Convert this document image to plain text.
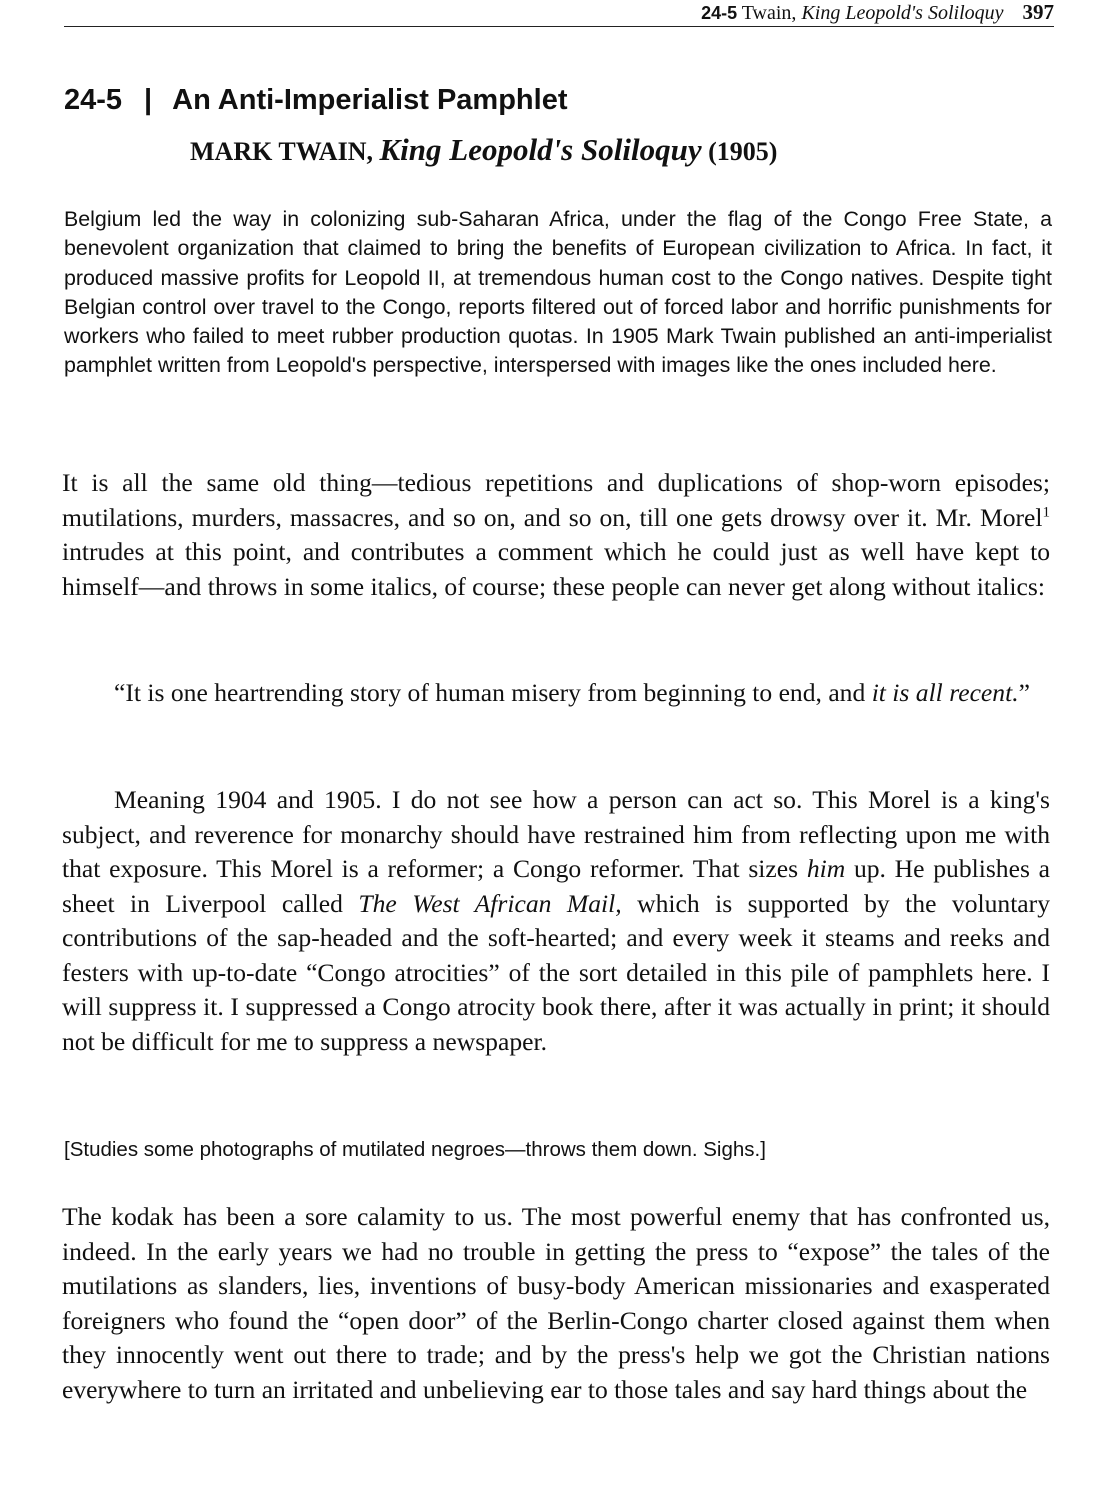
24-5 Twain, King Leopold's Soliloquy 397
24-5 | An Anti-Imperialist Pamphlet
MARK TWAIN, King Leopold's Soliloquy (1905)

Belgium led the way in colonizing sub-Saharan Africa, under the flag of the Congo Free State, a benevolent organization that claimed to bring the benefits of European civilization to Africa. In fact, it produced massive profits for Leopold II, at tremendous human cost to the Congo natives. Despite tight Belgian control over travel to the Congo, reports filtered out of forced labor and horrific punishments for workers who failed to meet rubber production quotas. In 1905 Mark Twain published an anti-imperialist pamphlet written from Leopold's perspective, interspersed with images like the ones included here.

It is all the same old thing—tedious repetitions and duplications of shop-worn episodes; mutilations, murders, massacres, and so on, and so on, till one gets drowsy over it. Mr. Morel$^1$ intrudes at this point, and contributes a comment which he could just as well have kept to himself—and throws in some italics, of course; these people can never get along without italics:

“It is one heartrending story of human misery from beginning to end, and it is all recent.”

Meaning 1904 and 1905. I do not see how a person can act so. This Morel is a king's subject, and reverence for monarchy should have restrained him from reflecting upon me with that exposure. This Morel is a reformer; a Congo reformer. That sizes him up. He publishes a sheet in Liverpool called The West African Mail, which is supported by the voluntary contributions of the sap-headed and the soft-hearted; and every week it steams and reeks and festers with up-to-date “Congo atrocities” of the sort detailed in this pile of pamphlets here. I will suppress it. I suppressed a Congo atrocity book there, after it was actually in print; it should not be difficult for me to suppress a newspaper.

[Studies some photographs of mutilated negroes—throws them down. Sighs.]

The kodak has been a sore calamity to us. The most powerful enemy that has confronted us, indeed. In the early years we had no trouble in getting the press to “expose” the tales of the mutilations as slanders, lies, inventions of busy-body American missionaries and exasperated foreigners who found the “open door” of the Berlin-Congo charter closed against them when they innocently went out there to trade; and by the press's help we got the Christian nations everywhere to turn an irritated and unbelieving ear to those tales and say hard things about the
